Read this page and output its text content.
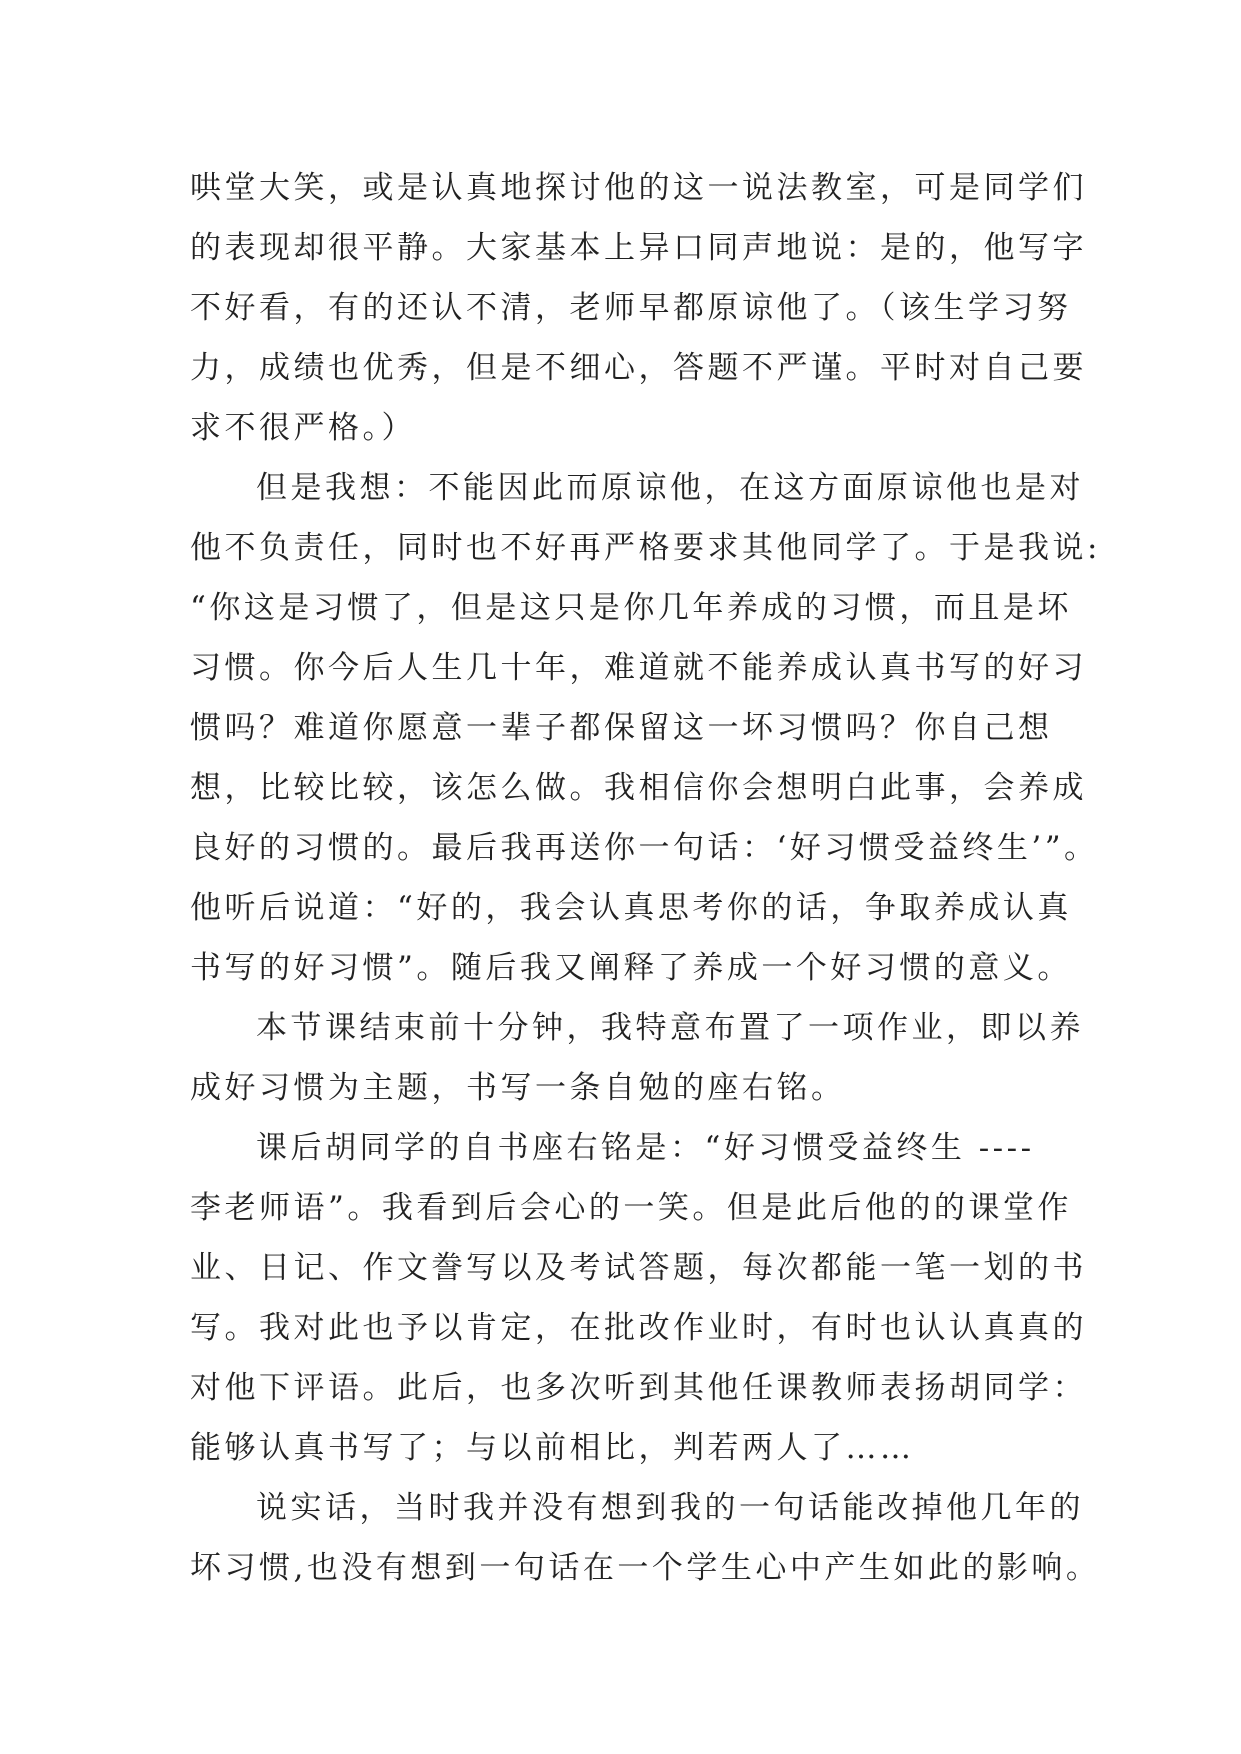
哄堂大笑，或是认真地探讨他的这一说法教室，可是同学们
的表现却很平静。大家基本上异口同声地说：是的，他写字
不好看，有的还认不清，老师早都原谅他了。（该生学习努
力，成绩也优秀，但是不细心，答题不严谨。平时对自己要
求不很严格。）
但是我想：不能因此而原谅他，在这方面原谅他也是对
他不负责任，同时也不好再严格要求其他同学了。于是我说:
“你这是习惯了，但是这只是你几年养成的习惯，而且是坏
习惯。你今后人生几十年，难道就不能养成认真书写的好习
惯吗？难道你愿意一辈子都保留这一坏习惯吗？你自己想
想，比较比较，该怎么做。我相信你会想明白此事，会养成
良好的习惯的。最后我再送你一句话：‘好习惯受益终生’”。
他听后说道：“好的，我会认真思考你的话，争取养成认真
书写的好习惯”。随后我又阐释了养成一个好习惯的意义。
本节课结束前十分钟，我特意布置了一项作业，即以养
成好习惯为主题，书写一条自勉的座右铭。
课后胡同学的自书座右铭是：“好习惯受益终生 ----
李老师语”。我看到后会心的一笑。但是此后他的的课堂作
业、日记、作文誊写以及考试答题，每次都能一笔一划的书
写。我对此也予以肯定，在批改作业时，有时也认认真真的
对他下评语。此后，也多次听到其他任课教师表扬胡同学：
能够认真书写了；与以前相比，判若两人了……
说实话，当时我并没有想到我的一句话能改掉他几年的
坏习惯,也没有想到一句话在一个学生心中产生如此的影响。
